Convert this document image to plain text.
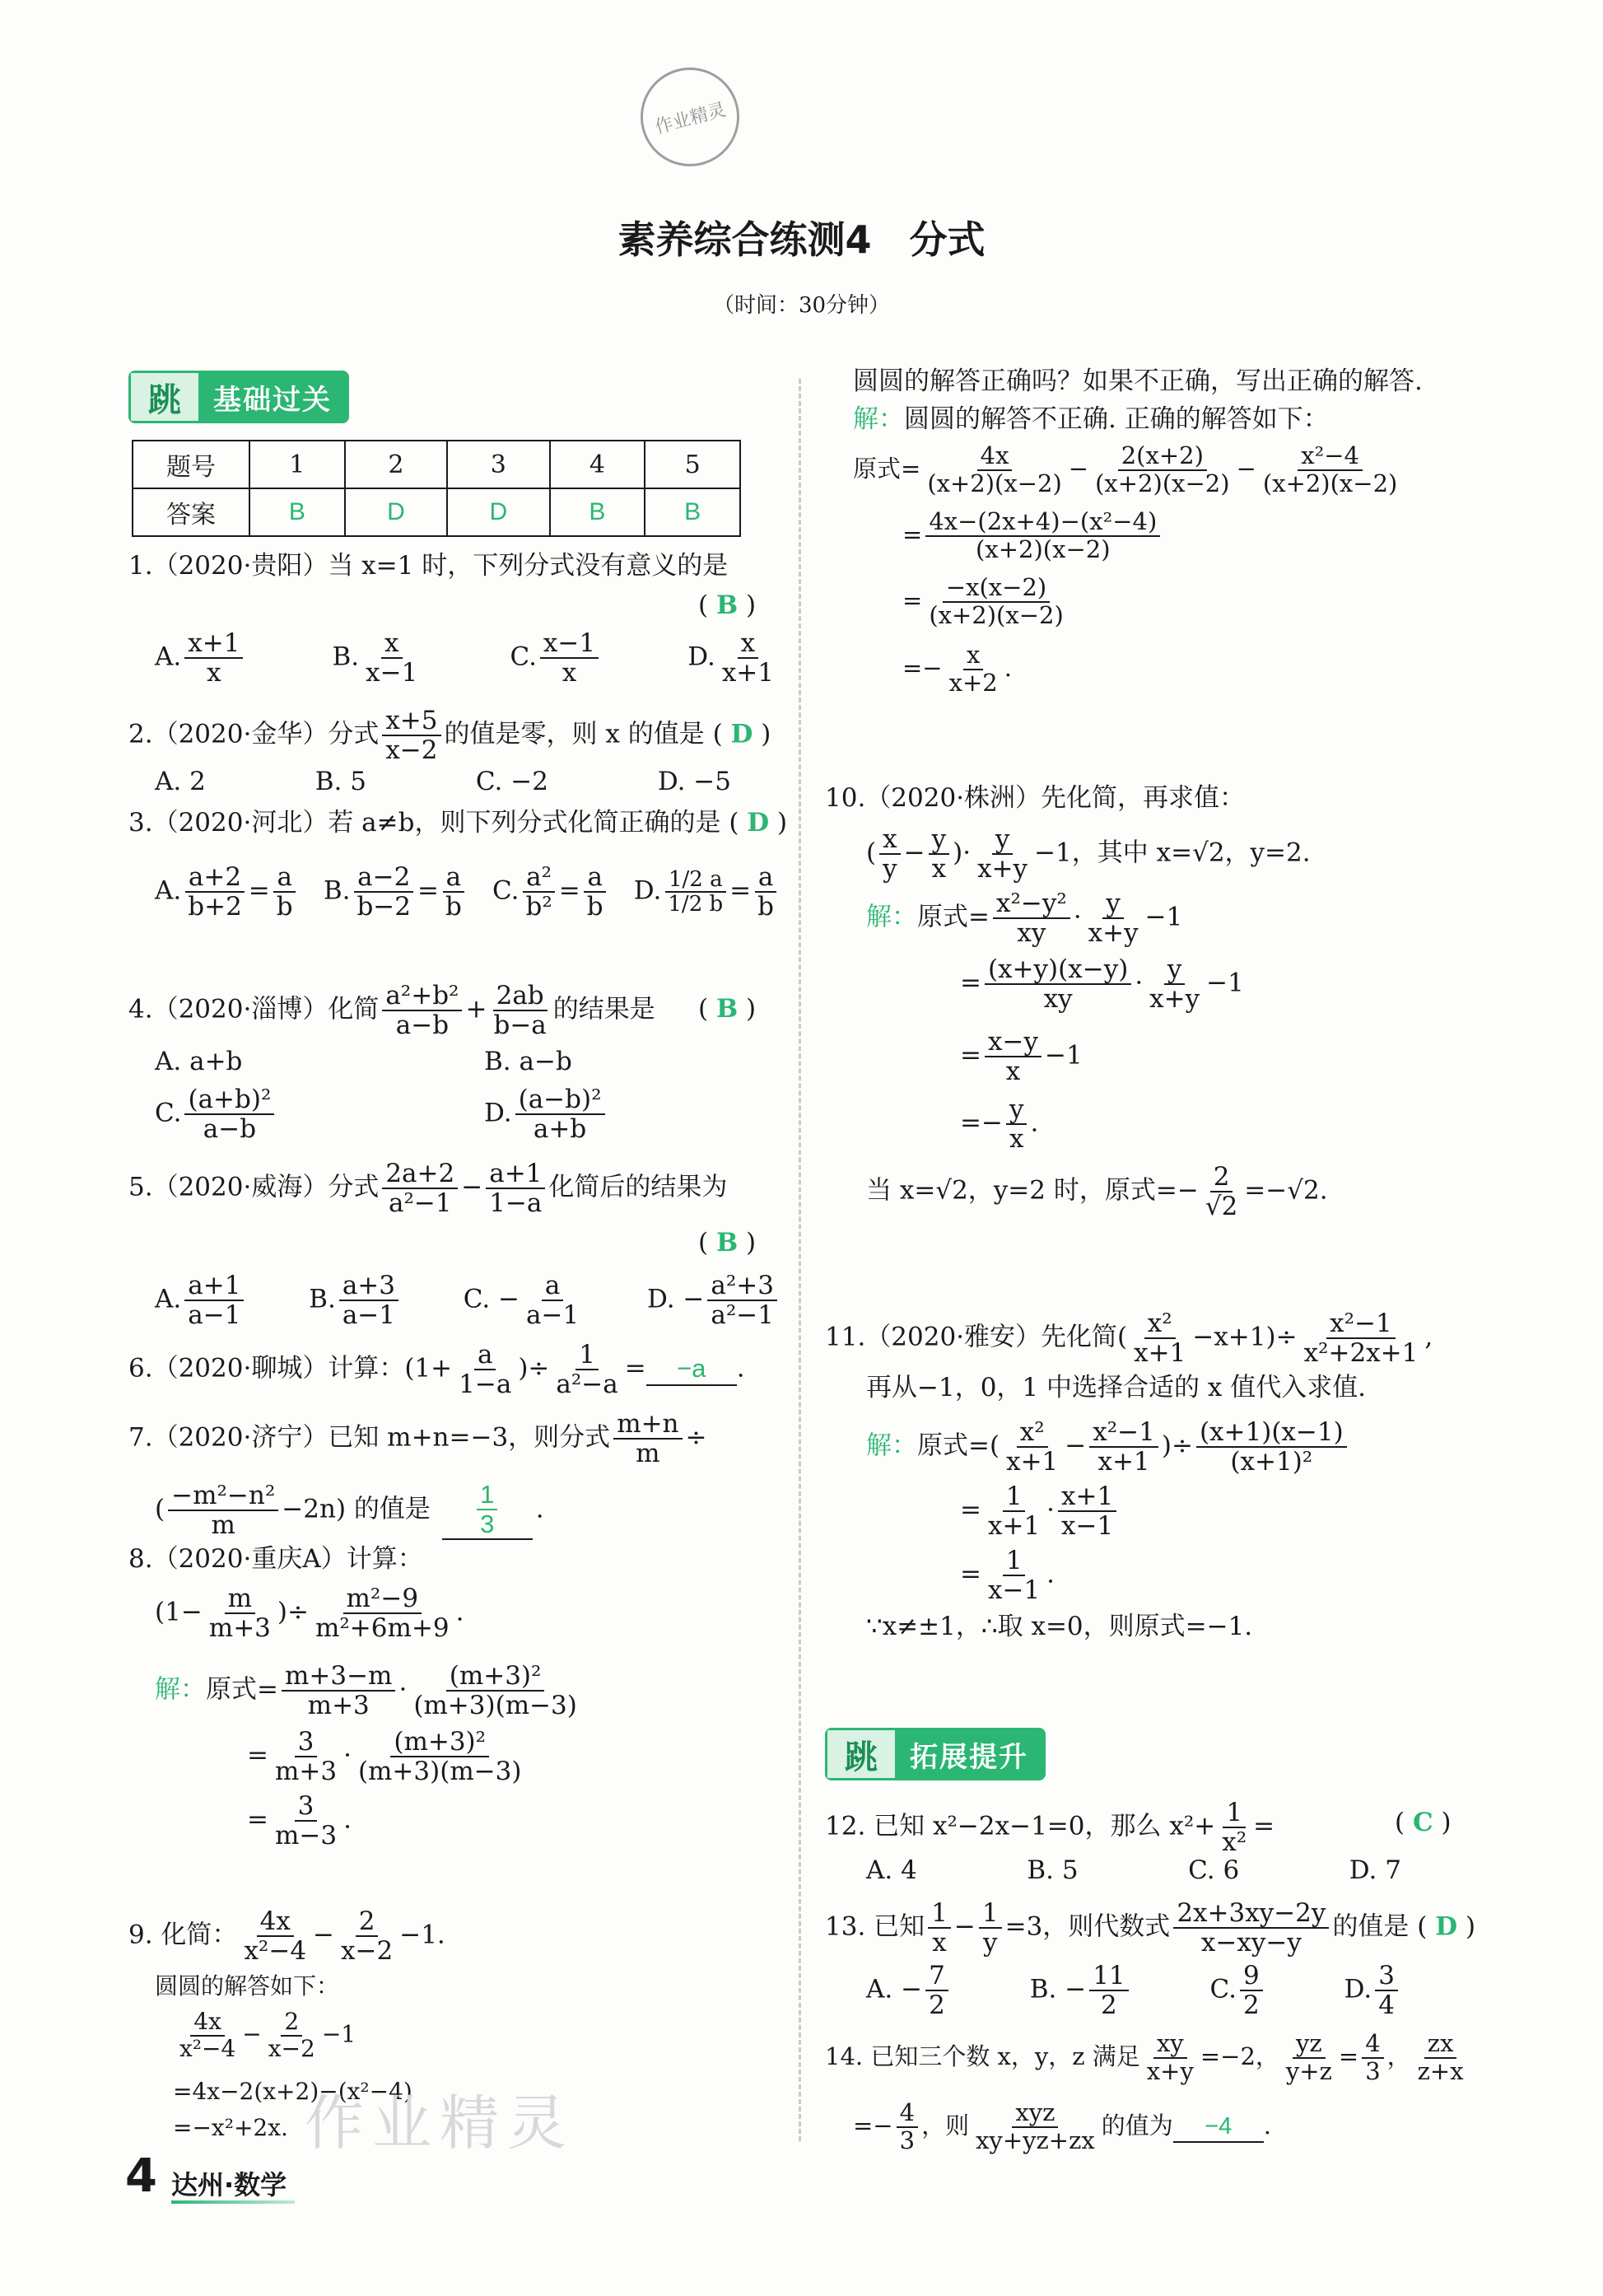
作业精灵
素养综合练测4　分式
（时间：30分钟）
跳	基础过关
题号	1	2	3	4	5
答案	B	D	D	B	B
1.（2020·贵阳）当 x=1 时，下列分式没有意义的是
( B )
A. $\frac{x+1}{x}$	B. $\frac{x}{x-1}$	C. $\frac{x-1}{x}$	D. $\frac{x}{x+1}$
2.（2020·金华）分式 $\frac{x+5}{x-2}$ 的值是零，则 x 的值是 ( D )
A. 2	B. 5	C. −2	D. −5
3.（2020·河北）若 a≠b，则下列分式化简正确的是 ( D )
A. $\frac{a+2}{b+2} = \frac{a}{b} B$. $\frac{a-2}{b-2} = \frac{a}{b} C$. $\frac{\text{a²}}{\text{b²}} = \frac{a}{b} D$. $\frac{1/2 a}{1/2 b} = \frac{a}{b}$
4.（2020·淄博）化简 $\frac{\text{a²+b²}}{a-b} + \frac{2ab}{b-a}$ 的结果是 ( B )
A. a+b	B. a−b
C. $\frac{\text{(a+b)²}}{a-b}$	D. $\frac{\text{(a−b)²}}{a+b}$
5.（2020·威海）分式 $\frac{2a+2}{\text{a²−1}} - \frac{a+1}{1-a}$ 化简后的结果为
( B )
A. $\frac{a+1}{a-1}$	B. $\frac{a+3}{a-1}$	C. − $\frac{a}{a-1}$	D. − $\frac{\text{a²+3}}{\text{a²−1}}$
6.（2020·聊城）计算：($1+ \frac{a}{1-a}$ )÷ $\frac{1}{\text{a²−a}} = -a$ .
7.（2020·济宁）已知 m+n=−3，则分式 $\frac{m+n}{m}$ ÷
( $\frac{\text{−m²−n²}}{m} -2n$) 的值是 $\frac{1}{3}$ .
8.（2020·重庆A）计算：
($1- \frac{m}{m+3}$ )÷ $\frac{\text{m²−9}}{\text{m²+6m+9}}$ .
解：原式= $\frac{m+3-m}{m+3} \cdot \frac{\text{(m+3)²}}{(m+3)(m-3)}$
= $\frac{3}{m+3} \cdot \frac{\text{(m+3)²}}{(m+3)(m-3)}$
= $\frac{3}{m-3}$ .
9. 化简： $\frac{4x}{\text{x²−4}} - \frac{2}{x-2} -1$.
圆圆的解答如下：
$\frac{4x}{\text{x²−4}} - \frac{2}{x-2} -1$
=4x−2(x+2)−(x²−4)
=−x²+2x. 作业精灵
4 达州·数学
圆圆的解答正确吗？如果不正确，写出正确的解答.
解：圆圆的解答不正确. 正确的解答如下：
原式= $\frac{4x}{(x+2)(x-2)} - \frac{2(x+2)}{(x+2)(x-2)} - \frac{\text{x²−4}}{(x+2)(x-2)}$
= $\frac{\text{4x−(2x+4)−(x²−4)}}{(x+2)(x-2)}$
= $\frac{-x(x-2)}{(x+2)(x-2)}$
=− $\frac{x}{x+2}$ .
10.（2020·株洲）先化简，再求值：
( $\frac{x}{y} - \frac{y}{x}$ )· $\frac{y}{x+y} -1$，其中 x=√2，y=2.
解：原式= $\frac{\text{x²−y²}}{xy} \cdot \frac{y}{x+y} -1$
= $\frac{(x+y)(x-y)}{xy} \cdot \frac{y}{x+y} -1$
= $\frac{x-y}{x} -1$
=− $\frac{y}{x}$ .
当 x=√2，y=2 时，原式=− $\frac{2}{√2} =-√2$.
11.（2020·雅安）先化简( $\frac{\text{x²}}{x+1} -x+1)\div \frac{\text{x²−1}}{\text{x²+2x+1}}$ ,
再从−1，0，1 中选择合适的 x 值代入求值.
解：原式=( $\frac{\text{x²}}{x+1} - \frac{\text{x²−1}}{x+1}$ )÷ $\frac{(x+1)(x-1)}{\text{(x+1)²}}$
= $\frac{1}{x+1} \cdot \frac{x+1}{x-1}$
= $\frac{1}{x-1}$ .
∵x≠±1，∴取 x=0，则原式=−1.
跳	拓展提升
12. 已知 x²−2x−1=0，那么 $x^2+ \frac{1}{\text{x²}}$ =	( C )
A. 4	B. 5	C. 6	D. 7
13. 已知 $\frac{1}{x} - \frac{1}{y} =3$，则代数式 $\frac{2x+3xy-2y}{x-xy-y}$ 的值是 ( D )
A. − $\frac{7}{2}$	B. − $\frac{11}{2}$	C. $\frac{9}{2}$	D. $\frac{3}{4}$
14. 已知三个数 x，y，z 满足 $\frac{xy}{x+y} =-2$， $\frac{yz}{y+z} = \frac{4}{3}$ ， $\frac{zx}{z+x}$
=− $\frac{4}{3}$ ，则 $\frac{\text{xyz}}{xy+yz+zx}$ 的值为 −4 .
